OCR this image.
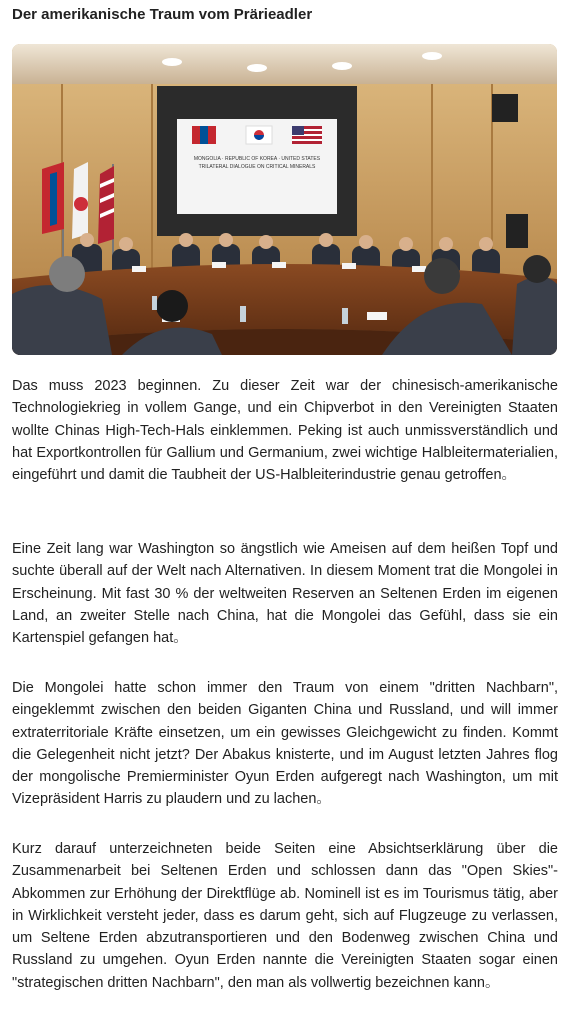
Der amerikanische Traum vom Prärieadler
MONGOLIA · REPUBLIC OF KOREA · UNITED STATES
TRILATERAL DIALOGUE ON CRITICAL MINERALS

Das muss 2023 beginnen. Zu dieser Zeit war der chinesisch-amerikanische Technologiekrieg in vollem Gange, und ein Chipverbot in den Vereinigten Staaten wollte Chinas High-Tech-Hals einklemmen. Peking ist auch unmissverständlich und hat Exportkontrollen für Gallium und Germanium, zwei wichtige Halbleitermaterialien, eingeführt und damit die Taubheit der US-Halbleiterindustrie genau getroffen。

Eine Zeit lang war Washington so ängstlich wie Ameisen auf dem heißen Topf und suchte überall auf der Welt nach Alternativen. In diesem Moment trat die Mongolei in Erscheinung. Mit fast 30 % der weltweiten Reserven an Seltenen Erden im eigenen Land, an zweiter Stelle nach China, hat die Mongolei das Gefühl, dass sie ein Kartenspiel gefangen hat。

Die Mongolei hatte schon immer den Traum von einem "dritten Nachbarn", eingeklemmt zwischen den beiden Giganten China und Russland, und will immer extraterritoriale Kräfte einsetzen, um ein gewisses Gleichgewicht zu finden. Kommt die Gelegenheit nicht jetzt? Der Abakus knisterte, und im August letzten Jahres flog der mongolische Premierminister Oyun Erden aufgeregt nach Washington, um mit Vizepräsident Harris zu plaudern und zu lachen。

Kurz darauf unterzeichneten beide Seiten eine Absichtserklärung über die Zusammenarbeit bei Seltenen Erden und schlossen dann das "Open Skies"-Abkommen zur Erhöhung der Direktflüge ab. Nominell ist es im Tourismus tätig, aber in Wirklichkeit versteht jeder, dass es darum geht, sich auf Flugzeuge zu verlassen, um Seltene Erden abzutransportieren und den Bodenweg zwischen China und Russland zu umgehen. Oyun Erden nannte die Vereinigten Staaten sogar einen "strategischen dritten Nachbarn", den man als vollwertig bezeichnen kann。
